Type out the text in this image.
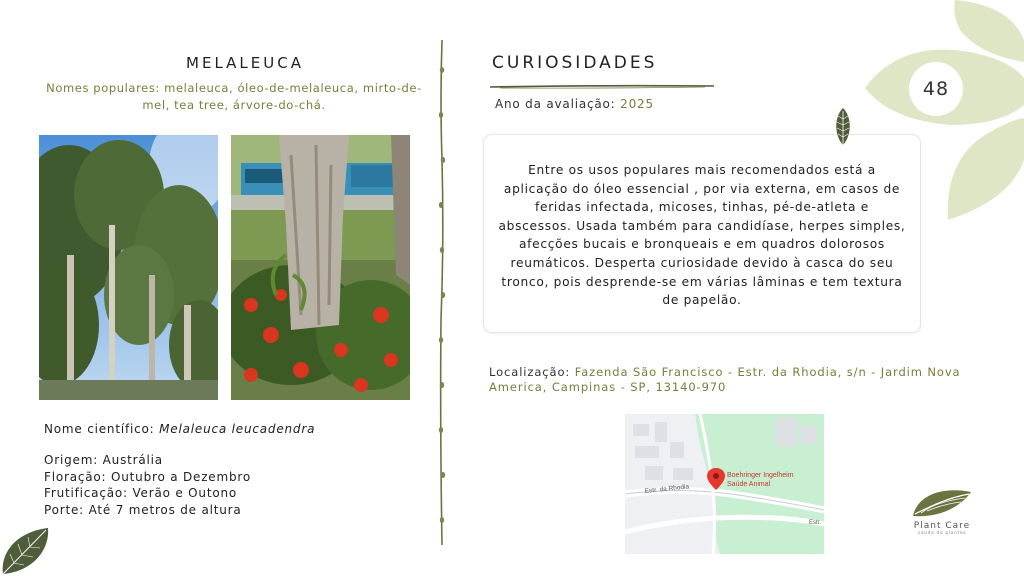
MELALEUCA
Nomes populares: melaleuca, óleo-de-melaleuca, mirto-de-mel, tea tree, árvore-do-chá.
Nome científico: Melaleuca leucadendra
Origem: Austrália
Floração: Outubro a Dezembro
Frutificação: Verão e Outono
Porte: Até 7 metros de altura
CURIOSIDADES
Ano da avaliação: 2025
Entre os usos populares mais recomendados está a aplicação do óleo essencial , por via externa, em casos de feridas infectada, micoses, tinhas, pé-de-atleta e abscessos. Usada também para candidíase, herpes simples, afecções bucais e bronqueais e em quadros dolorosos reumáticos. Desperta curiosidade devido à casca do seu tronco, pois desprende-se em várias lâminas e tem textura de papelão.
Localização: Fazenda São Francisco - Estr. da Rhodia, s/n - Jardim Nova America, Campinas - SP, 13140-970
Estr. da Rhodia
Estr.
Boehringer Ingelheim
Saúde Animal
48
Plant Care
saúde de plantas
